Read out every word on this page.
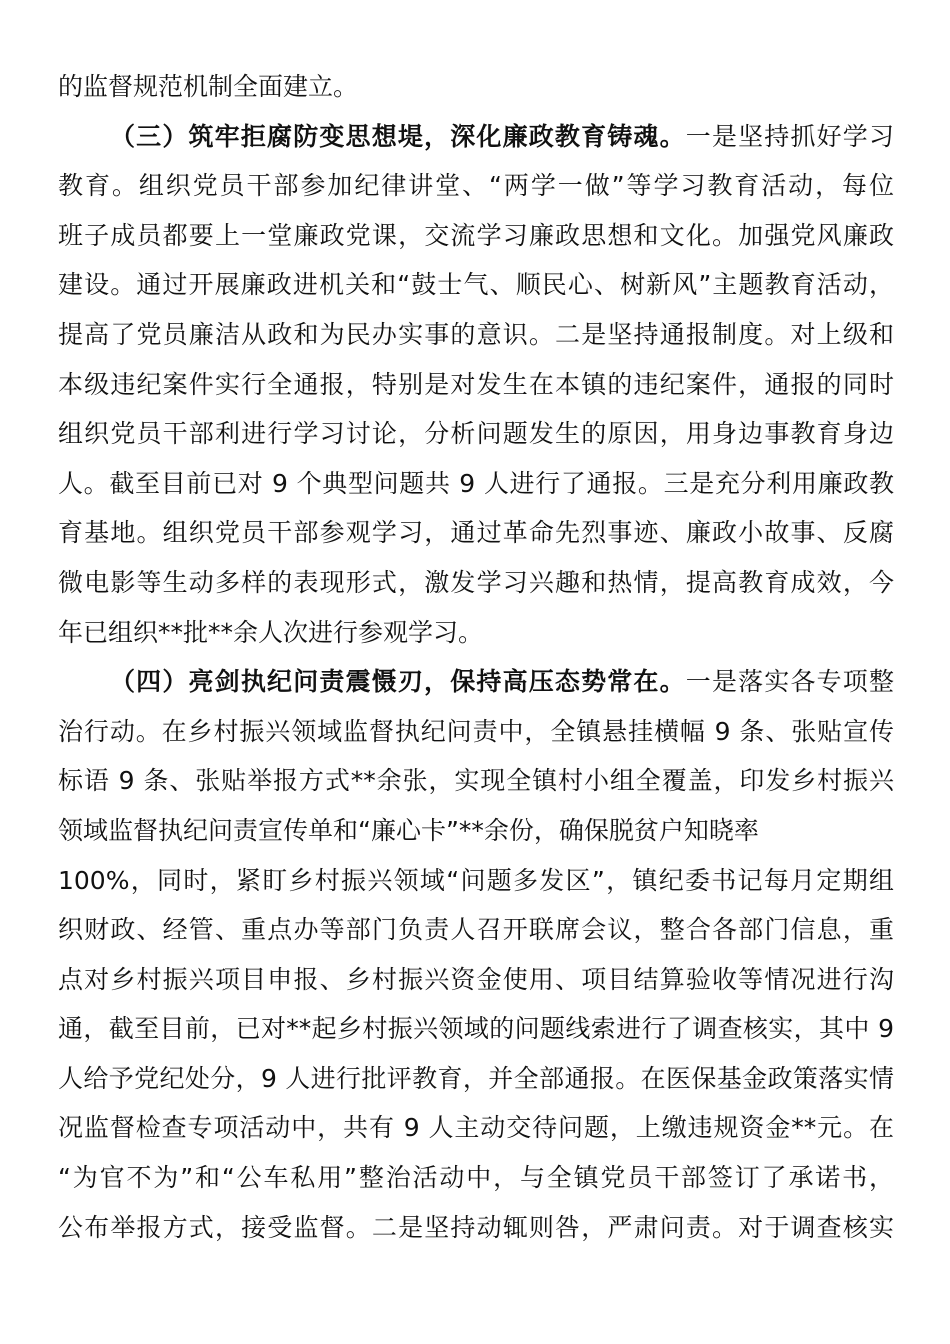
的监督规范机制全面建立。
（三）筑牢拒腐防变思想堤，深化廉政教育铸魂。一是坚持抓好学习
教育。组织党员干部参加纪律讲堂、“两学一做”等学习教育活动，每位
班子成员都要上一堂廉政党课，交流学习廉政思想和文化。加强党风廉政
建设。通过开展廉政进机关和“鼓士气、顺民心、树新风”主题教育活动，
提高了党员廉洁从政和为民办实事的意识。二是坚持通报制度。对上级和
本级违纪案件实行全通报，特别是对发生在本镇的违纪案件，通报的同时
组织党员干部利进行学习讨论，分析问题发生的原因，用身边事教育身边
人。截至目前已对 9 个典型问题共 9 人进行了通报。三是充分利用廉政教
育基地。组织党员干部参观学习，通过革命先烈事迹、廉政小故事、反腐
微电影等生动多样的表现形式，激发学习兴趣和热情，提高教育成效，今
年已组织**批**余人次进行参观学习。
（四）亮剑执纪问责震慑刃，保持高压态势常在。一是落实各专项整
治行动。在乡村振兴领域监督执纪问责中，全镇悬挂横幅 9 条、张贴宣传
标语 9 条、张贴举报方式**余张，实现全镇村小组全覆盖，印发乡村振兴
领域监督执纪问责宣传单和“廉心卡”**余份，确保脱贫户知晓率
100%，同时，紧盯乡村振兴领域“问题多发区”，镇纪委书记每月定期组
织财政、经管、重点办等部门负责人召开联席会议，整合各部门信息，重
点对乡村振兴项目申报、乡村振兴资金使用、项目结算验收等情况进行沟
通，截至目前，已对**起乡村振兴领域的问题线索进行了调查核实，其中 9
人给予党纪处分，9 人进行批评教育，并全部通报。在医保基金政策落实情
况监督检查专项活动中，共有 9 人主动交待问题，上缴违规资金**元。在
“为官不为”和“公车私用”整治活动中，与全镇党员干部签订了承诺书，
公布举报方式，接受监督。二是坚持动辄则咎，严肃问责。对于调查核实
